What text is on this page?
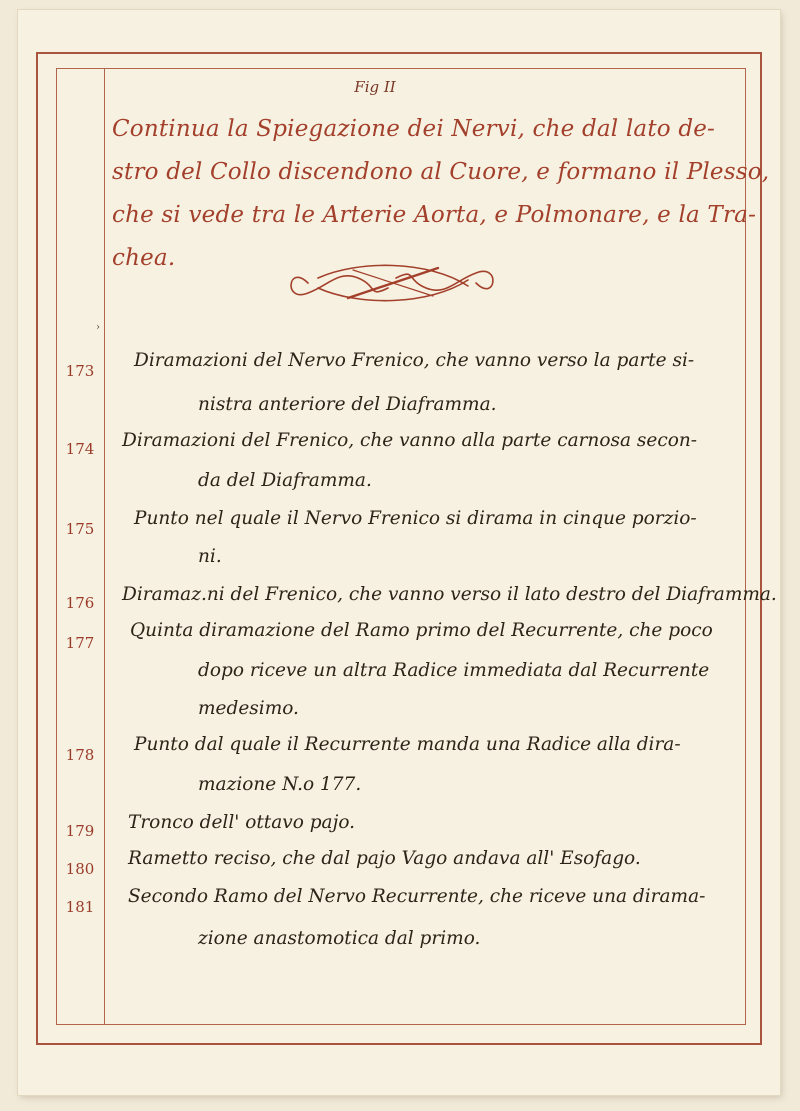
Fig II
Continua la Spiegazione dei Nervi, che dal lato de-
stro del Collo discendono al Cuore, e formano il Plesso,
che si vede tra le Arterie Aorta, e Polmonare, e la Tra-
chea.
›
173 Diramazioni del Nervo Frenico, che vanno verso la parte si-
nistra anteriore del Diaframma.
174 Diramazioni del Frenico, che vanno alla parte carnosa secon-
da del Diaframma.
175 Punto nel quale il Nervo Frenico si dirama in cinque porzio-
ni.
176 Diramaz.ni del Frenico, che vanno verso il lato destro del Diaframma.
177
Quinta diramazione del Ramo primo del Recurrente, che poco
dopo riceve un altra Radice immediata dal Recurrente
medesimo.
178 Punto dal quale il Recurrente manda una Radice alla dira-
mazione N.o 177.
179 Tronco dell' ottavo pajo.
180 Rametto reciso, che dal pajo Vago andava all' Esofago.
181 Secondo Ramo del Nervo Recurrente, che riceve una dirama-
zione anastomotica dal primo.
